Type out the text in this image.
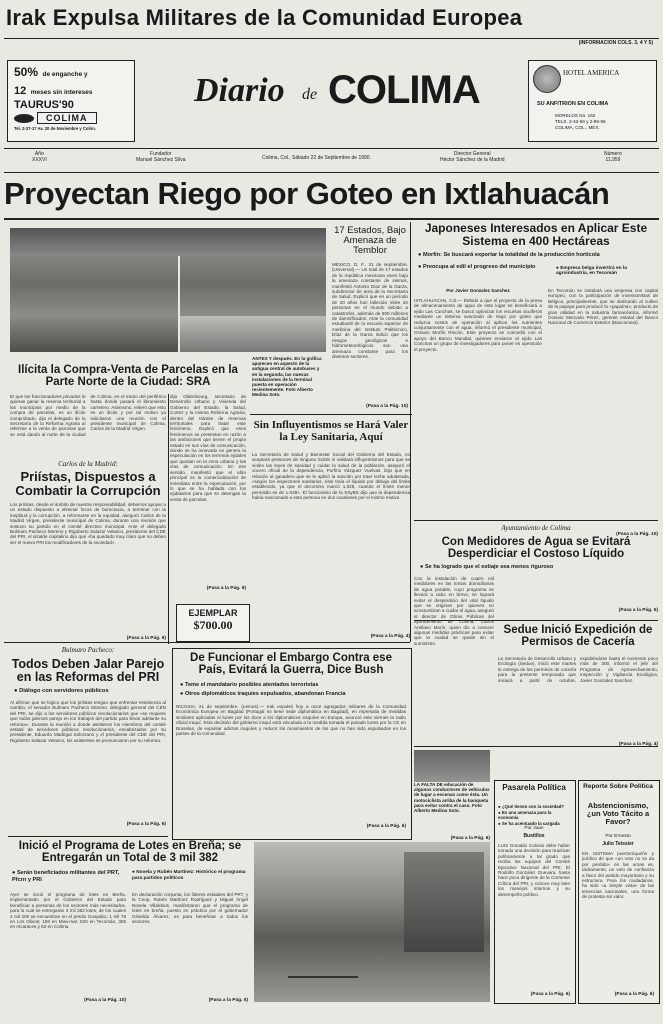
Irak Expulsa Militares de la Comunidad Europea
(INFORMACION COLS. 3, 4 Y 5)
50% de enganche y
12 meses sin intereses
TAURUS'90
COLIMA
Tel. 2-37-17 Av. 20 de Noviembre y Colón.
Diario de COLIMA	HOTEL AMERICA
SU ANFITRION EN COLIMA
MORELOS No. 162
TELS. 2-43-66 y 2-95-96
COLIMA, COL., MEX.
Año
XXXVI
Fundador
Manuel Sánchez Silva	Colima, Col., Sábado 22 de Septiembre de 1990.
Director General
Héctor Sánchez de la Madrid
Número
11,959
Proyectan Riego por Goteo en Ixtlahuacán
17 Estados, Bajo Amenaza de Temblor
MEXICO, D. F., 21 de septiembre. (Universal).— Un total de 17 estados de la república mexicana viven bajo la amenaza constante de sismos, manifestó Antonio Díaz de la Garza, subdirector de área de la Secretaría de Salud. Explicó que en un período de 20 años han fallecido miles de personas en el mundo debido a catástrofes, además de 800 millones de damnificados. Ante la comunidad estudiantil de la escuela superior de medicina del Instituto Politécnico, Díaz de la Garza indicó que los riesgos geológicos e hidrometeorológicos son una amenaza constante para los diversos sectores.
(Pasa a la Pág. 10)
ANTES Y después. En la gráfica aparecen en aspecto de la antigua central de autobuses y en la segunda, las nuevas instalaciones de la terminal puesta en operación recientemente. Foto Alberto Medina Soto.
Ilícita la Compra-Venta de Parcelas en la Parte Norte de la Ciudad: SRA
El que los fraccionadores privados le quieran ganar la reserva territorial a los municipios por medio de la compra de parcelas, es un ilícito comprobado, dijo el delegado de la Secretaría de la Reforma Agraria al referirse a la venta de parcelas que se está dando al norte de la ciudad de Colima, en el tramo del periférico hasta donde pasará el libramiento carretero. Asimismo, reiteró que esto es un ilícito y por tal motivo ya solicitaron una reunión con el presidente municipal de Colima, Carlos de la Madrid Virgen.
Carlos de la Madrid:
Priístas, Dispuestos a Combatir la Corrupción
Los priístas, desde el ámbito de nuestra responsabilidad, debemos apoyar a un estado dispuesto a eliminar focos de burocracia, a terminar con la ineptitud y la corrupción, a reformarse en la equidad, aseguró Carlos de la Madrid Virgen, presidente municipal de Colima, durante una reunión que sostuvo su partido en el comité directivo municipal. Ante el delegado Bulmaro Pacheco Moreno y Rigoberto Salazar Velasco, presidente del CDE del PRI, el alcalde capitalino dijo que «ha quedado muy claro que no deben ser el nuevo PRI los modificadores de la sociedad».
(Pasa a la Pág. 9)
dijo Oldenbourg, secretario de Desarrollo Urbano y Vivienda del Gobierno del Estado, la Salud, Cortez y la misma Reforma Agraria, dentro del trámite de reservas territoriales para tratar este fenómeno. Explicó que esos fenómenos se presentan en razón a las ambiciones que tienen el propio estado en sus vías de comunicación, donde se ha innovado en genera la especulación en los terrenos ejidales que quedan en la zona urbana y las vías de comunicación. En ese sentido, manifestó que el afán principal es la comercialización de inmediata entre la especulación, por lo que se ha hablado con los ejidatarios para que se detengan la venta de parcelas.
(Pasa a la Pág. 9)
EJEMPLAR
$700.00
Sin Influyentismos se Hará Valer la Ley Sanitaria, Aquí
La Secretaría de Salud y Bienestar Social del Gobierno del Estado, no aceptará presiones de ninguna índole ni validará influyentismos para que se violen las leyes de sanidad y cuidar la salud de la población, aseguró el vocero oficial de la dependencia, Porfirio Vázquez Vuelvas. Dijo que en relación al ganadero que se le aplicó la sanción por traer leche adulterada, «según los inspectores sanitarios, éste traía el líquido por debajo del límite establecido, ya que el decomiso marcó 1.025, cuando el límite menor permitido es de 1.029». El funcionario de la SSyBS dijo que la dependencia había sancionado a esta persona en dos ocasiones por el mismo motivo.
(Pasa a la Pág. 4)
Japoneses Interesados en Aplicar Este Sistema en 400 Hectáreas
● Morfín: Se buscará exportar la totalidad de la producción hortícola
● Preocupa al edil el progreso del municipio	● Empresa belga invertirá en la agroindustria, en Tecomán
Por Javier Gonzalez Sanchez
IXTLAHUACAN, Col.— Debido a que el proyecto de la presa de almacenamiento de agua de este lugar se beneficiará a ejido Las Conchas, se buscó optimizar los recursos acuíferos mediante un sistema avanzado de riego por goteo que reduzca costos de operación al aplicar los nutrientes conjuntamente con el agua, informó el presidente municipal, Octavio Morfín Rincón. Este proyecto se concedió con el apoyo del Banco Mundial, quienes enviaron al ejido Las Conchas un grupo de investigadores para poner en operación el proyecto.
En Tecomán se instalará una empresa con capital europeo, con la participación de inversionistas de Bélgica, principalmente, que se dedicarán al cultivo de la papaya para producir la «papaína», producto de gran utilidad en la industria farmacéutica, informó Octavio Mercado Pérez, gerente estatal del Banco Nacional de Comercio Exterior (Bancomext).
(Pasa a la Pág. 10)
Ayuntamiento de Colima
Con Medidores de Agua se Evitará Desperdiciar el Costoso Líquido
● Se ha logrado que el estiaje sea menos riguroso
Con la instalación de cuatro mil medidores en las tomas domiciliarias de agua potable, cuyo programa se llevará a cabo en breve, se logrará evitar el desperdicio del vital líquido que se originan por quienes no acostumbran a cuidar el agua, aseguró el director de Obras Públicas del ayuntamiento de Colima, Carlos Arellano Morín, quien dio a conocer algunas medidas prácticas para evitar que la ciudad se quede sin el suministro.
(Pasa a la Pág. 5)
Sedue Inició Expedición de Permisos de Cacería
La Secretaría de Desarrollo Urbano y Ecología (Sedue), inició este martes la entrega de los permisos de cacería para la presente temporada que iniciará a partir de octubre, expidiéndose hasta el momento poco más de 300, informó el jefe del Programa de Aprovechamiento, Inspección y Vigilancia Ecológica, Javier Gonzalez Sanchez.
(Pasa a la Pág. 4)
Bulmaro Pacheco:
Todos Deben Jalar Parejo en las Reformas del PRI
● Diálogo con servidores públicos
Al afirmar que se lógico que los priístas tengan que enfrentar resistencia al cambio, el senador Bulmaro Pacheco Moreno, delegado general del CEN del PRI, se dijo a los servidores públicos revolucionarios que «se requiere que todos jalemos parejo en los trabajos del partido para llevar adelante su reforma». Durante la reunión a donde asistieron los miembros del comité estatal de servidores públicos revolucionarios, encabezados por su presidente, Eduardo Madrigal Solorzano y el presidente del CDE del PRI, Rigoberto Salazar Velasco, los asistentes se pronunciaron por su reforma.
(Pasa a la Pág. 6)
De Funcionar el Embargo Contra ese País, Evitará la Guerra, Dice Bush
● Teme el mandatario posibles atentados terroristas
● Otros diplomáticos iraquíes expulsados, abandonan Francia
NICOSIA, 21 de septiembre. (Lemus).— Irak expulsó hoy a once agregados militares de la Comunidad Económica Europea en Bagdad (Portugal no tiene sede diplomática en Bagdad), en represalia de medidas similares aplicadas el lunes por los doce a los diplomáticos iraquíes en Europa, anunció este viernes la radio oficial iraquí. Esta decisión del gobierno iraquí está vinculada a la medida tomada el pasado lunes por la CE en Bruselas, de expulsar adictos iraquíes y reducir los movimientos de los que no han sido expulsados en los países de la comunidad.
(Pasa a la Pág. 6)
LA FALTA DE educación de algunos conductores de vehículos de lugar a escenas como ésta. Un motociclista arriba de la banqueta para evitar contra el caso. Foto Alberto Medina Soto.
(Pasa a la Pág. 6)
Pasarela Política
● ¿Qué tienen con la sociedad?
● Es una amenaza para la economía
● Se ha acentuado la cargada
Por Juan
Bustillos
LUIS Donaldo Colosio debe haber tomado una decisión para reactivar políticamente a tal grado que reciba los equipos del Comité Ejecutivo Nacional del PRI. El Rodolfo González Guevara, hasta hace poco dirigente de la Corriente Crítica del PRI, y conoce muy bien los manejos internos y su desempeño político.
(Pasa a la Pág. 6)
Reporte Sobre Política
Abstencionismo, ¿un Voto Tácito a Favor?
Por Ernesto
Julio Teissier
EN SISTEMA puertorriqueño y jurídico de que «un voto no se da por perdido» en las urnas es, tácitamente, un voto de confianza a favor del partido mayoritario y su estructura. Para los ciudadanos, ha sido «a simple vista» de las tenencias nacionales, una forma de protesta sin valor.
(Pasa a la Pág. 6)
Inició el Programa de Lotes en Breña; se Entregarán un Total de 3 mil 382
● Serán beneficiados militantes del PRT, Pfcrn y PRI
● Novela y Rubén Martínez: Histórico el programa para partidos políticos
Ayer se inició el programa de lotes en Breña, implementado por el Gobierno del Estado para beneficiar a personas de los sectores más necesitados, para lo cual se entregarán 3 mil 382 lotes, de los cuales 2 mil 200 se encuentran en el predio Guayabo; 1 mil 78 en Los Olivos; 168 en Mira-mar, 520 en Tecomán, 306 en Alcaraces y 62 en Colima.
En declaración conjunta, los líderes estatales del PRT, y la Cnop, Rubén Martínez Rodríguez y Miguel Ángel Novela Villalobos, manifestaron que el programa de lotes en breña, puesto en práctica por el gobernador Griselda Álvarez, es para beneficiar a todos los sectores.
(Pasa a la Pág. 10)	(Pasa a la Pág. 5)
